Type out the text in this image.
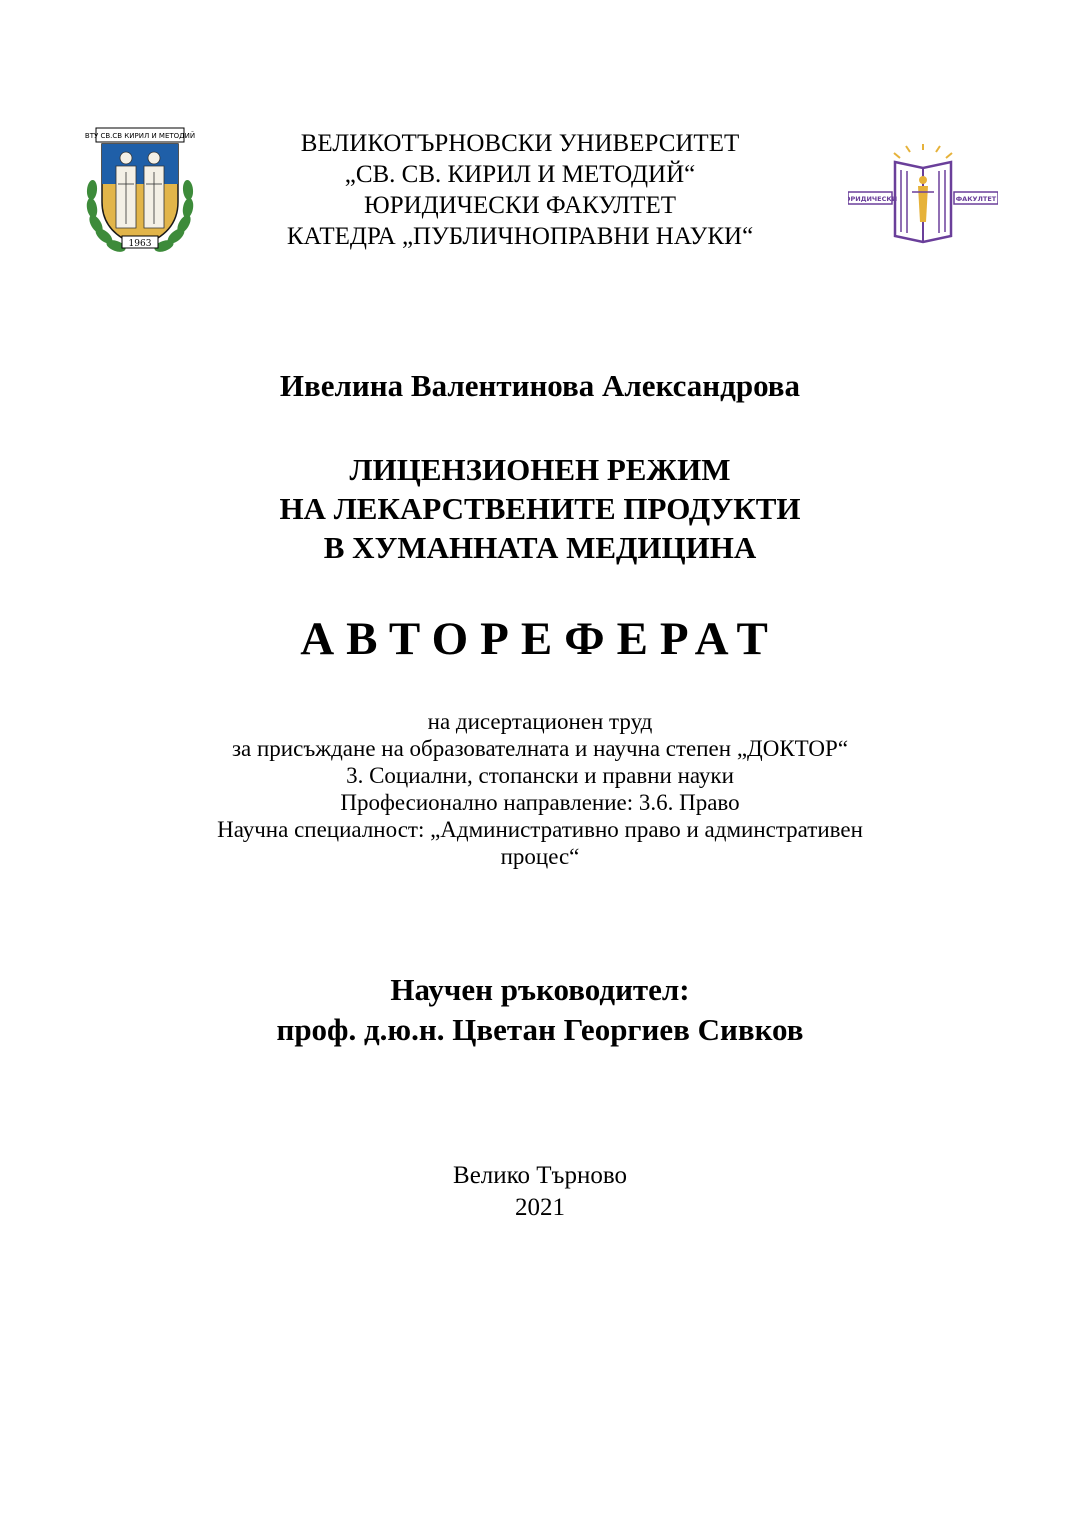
ВТУ СВ.СВ КИРИЛ И МЕТОДИЙ
1963
ВЕЛИКОТЪРНОВСКИ УНИВЕРСИТЕТ
„СВ. СВ. КИРИЛ И МЕТОДИЙ“
ЮРИДИЧЕСКИ ФАКУЛТЕТ
КАТЕДРА „ПУБЛИЧНОПРАВНИ НАУКИ“
ЮРИДИЧЕСКИ	ФАКУЛТЕТ
Ивелина Валентинова Александрова
ЛИЦЕНЗИОНЕН РЕЖИМ
НА ЛЕКАРСТВЕНИТЕ ПРОДУКТИ
В ХУМАННАТА МЕДИЦИНА
АВТОРЕФЕРАТ
на дисертационен труд
за присъждане на образователната и научна степен „ДОКТОР“
3. Социални, стопански и правни науки
Професионално направление: 3.6. Право
Научна специалност: „Административно право и админстративен
процес“
Научен ръководител:
проф. д.ю.н. Цветан Георгиев Сивков
Велико Търново
2021
